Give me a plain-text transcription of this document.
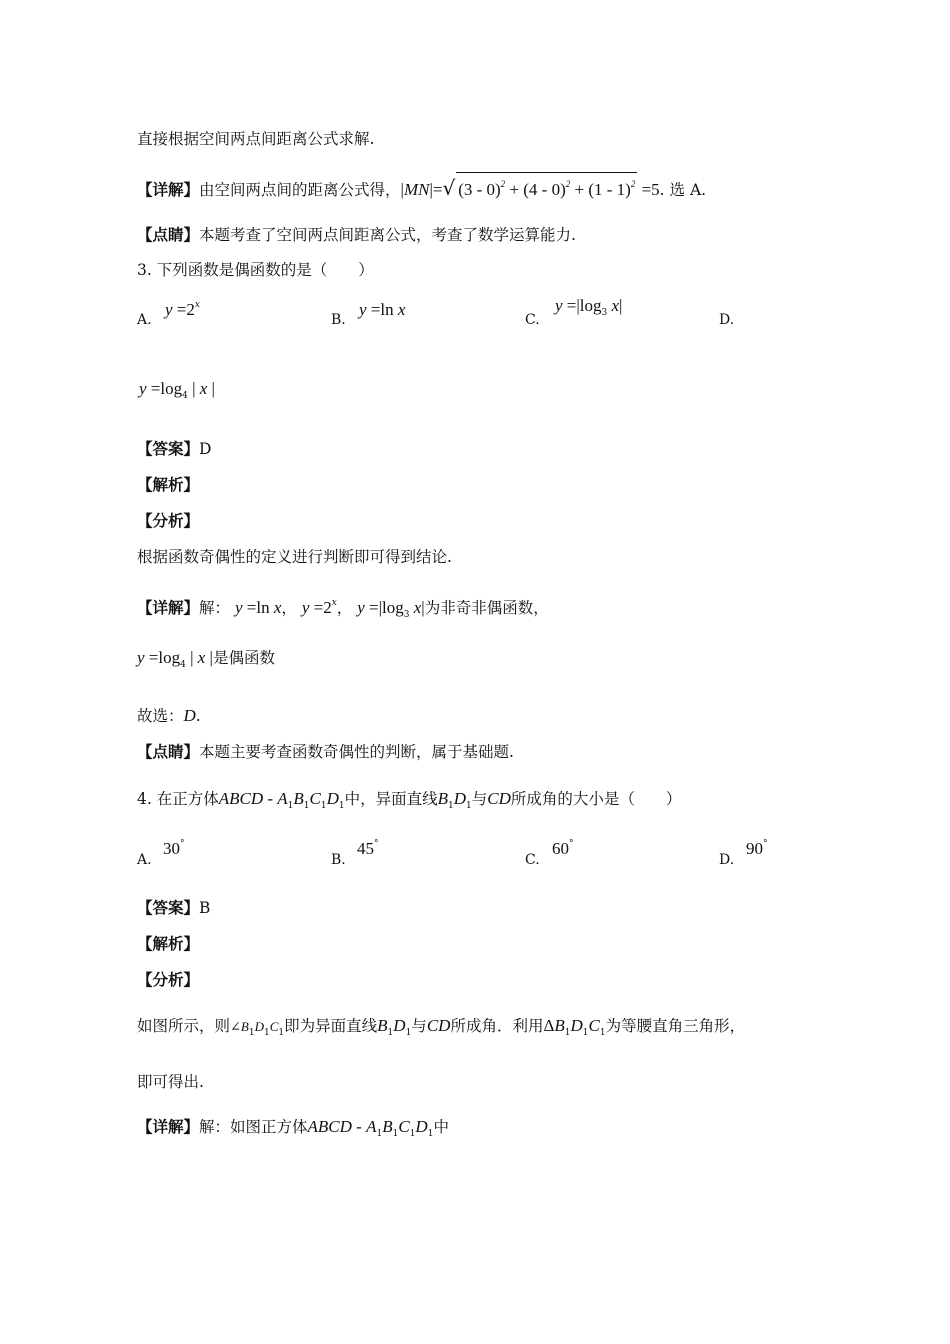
直接根据空间两点间距离公式求解.
【详解】由空间两点间的距离公式得，|MN|=√ (3 - 0)$^2$ + (4 - 0)$^2$ + (1 - 1)$^2$ =5. 选 A.
【点睛】本题考查了空间两点间距离公式，考查了数学运算能力.
3. 下列函数是偶函数的是（　　）
A.
$y =2^x$
B.
y =ln x
C.
$y =|\log_3$ x|
D.
$y =\log_4$ | x |
【答案】D
【解析】
【分析】
根据函数奇偶性的定义进行判断即可得到结论.
【详解】解： y =ln x， $y =2^x$， $y =|\log_3$ x|为非奇非偶函数，
$y =\log_4$ | x |是偶函数
故选：D.
【点睛】本题主要考查函数奇偶性的判断，属于基础题.
4. 在正方体ABCD - $A_1B_1C_1D_1$中，异面直线$B_1D_1$与CD所成角的大小是（　　）
A.
30°
B.
45°
C.
60°
D.
90°
【答案】B
【解析】
【分析】
如图所示，则$\angle B_1D_1C_1$即为异面直线$B_1D_1$与CD所成角．利用$\Delta B_1D_1C_1$为等腰直角三角形，
即可得出.
【详解】解：如图正方体ABCD - $A_1B_1C_1D_1$中
